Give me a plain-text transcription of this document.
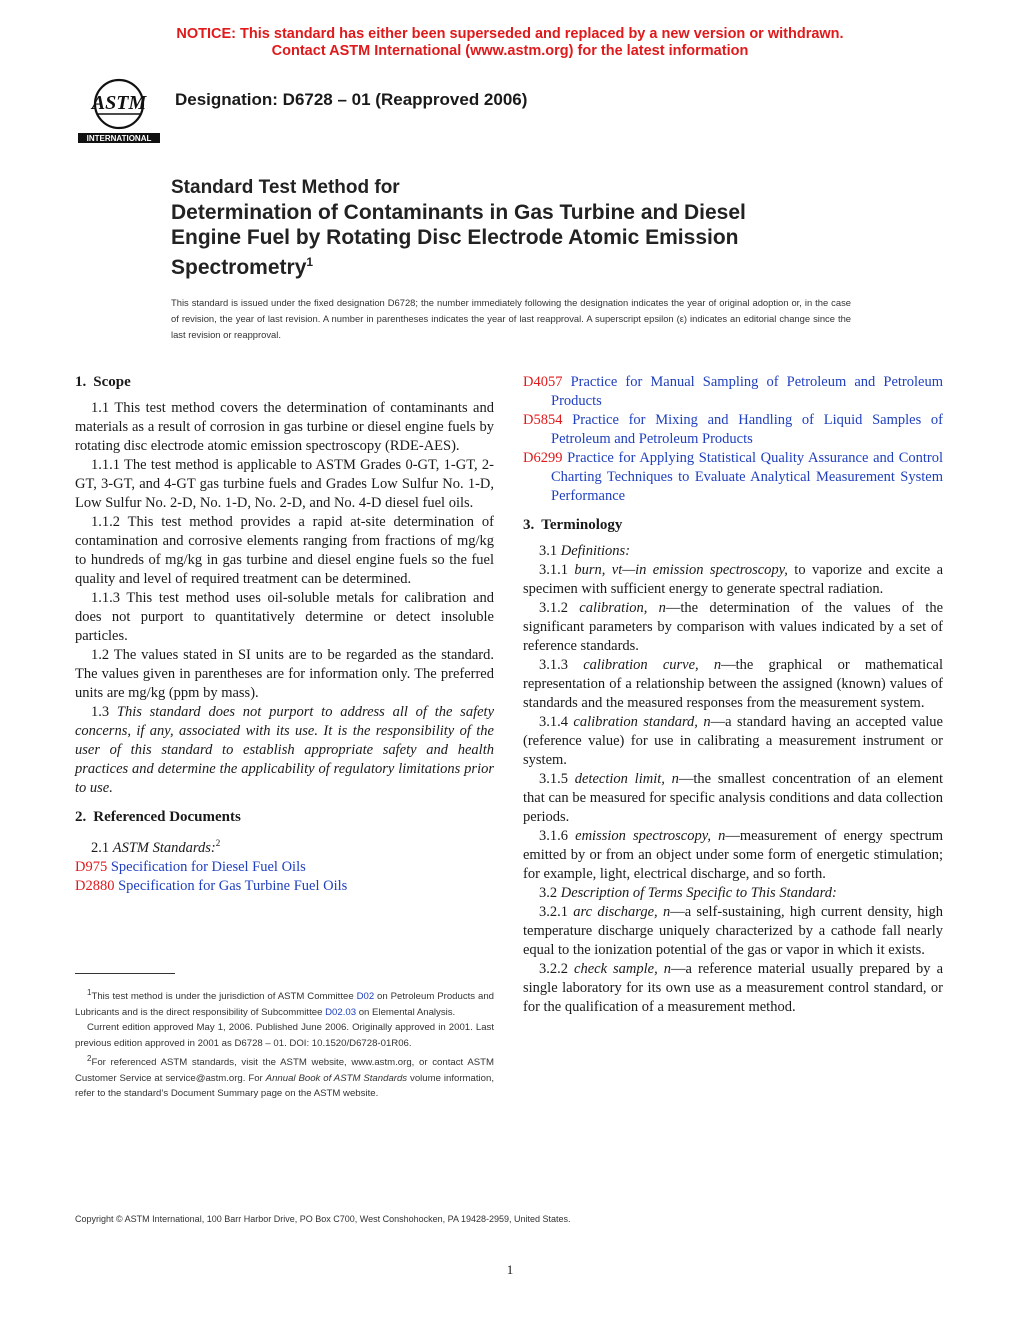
NOTICE: This standard has either been superseded and replaced by a new version or withdrawn.
Contact ASTM International (www.astm.org) for the latest information
ASTM
INTERNATIONAL
Designation: D6728 – 01 (Reapproved 2006)
Standard Test Method for
Determination of Contaminants in Gas Turbine and Diesel
Engine Fuel by Rotating Disc Electrode Atomic Emission
Spectrometry$^1$
This standard is issued under the fixed designation D6728; the number immediately following the designation indicates the year of original adoption or, in the case of revision, the year of last revision. A number in parentheses indicates the year of last reapproval. A superscript epsilon (ε) indicates an editorial change since the last revision or reapproval.
1. Scope

1.1 This test method covers the determination of contaminants and materials as a result of corrosion in gas turbine or diesel engine fuels by rotating disc electrode atomic emission spectroscopy (RDE-AES).

1.1.1 The test method is applicable to ASTM Grades 0-GT, 1-GT, 2-GT, 3-GT, and 4-GT gas turbine fuels and Grades Low Sulfur No. 1-D, Low Sulfur No. 2-D, No. 1-D, No. 2-D, and No. 4-D diesel fuel oils.

1.1.2 This test method provides a rapid at-site determination of contamination and corrosive elements ranging from fractions of mg/kg to hundreds of mg/kg in gas turbine and diesel engine fuels so the fuel quality and level of required treatment can be determined.

1.1.3 This test method uses oil-soluble metals for calibration and does not purport to quantitatively determine or detect insoluble particles.

1.2 The values stated in SI units are to be regarded as the standard. The values given in parentheses are for information only. The preferred units are mg/kg (ppm by mass).

1.3 This standard does not purport to address all of the safety concerns, if any, associated with its use. It is the responsibility of the user of this standard to establish appropriate safety and health practices and determine the applicability of regulatory limitations prior to use.

2. Referenced Documents

2.1 ASTM Standards:$^2$

D975 Specification for Diesel Fuel Oils

D2880 Specification for Gas Turbine Fuel Oils

D4057 Practice for Manual Sampling of Petroleum and Petroleum Products

D5854 Practice for Mixing and Handling of Liquid Samples of Petroleum and Petroleum Products

D6299 Practice for Applying Statistical Quality Assurance and Control Charting Techniques to Evaluate Analytical Measurement System Performance

3. Terminology

3.1 Definitions:

3.1.1 burn, vt—in emission spectroscopy, to vaporize and excite a specimen with sufficient energy to generate spectral radiation.

3.1.2 calibration, n—the determination of the values of the significant parameters by comparison with values indicated by a set of reference standards.

3.1.3 calibration curve, n—the graphical or mathematical representation of a relationship between the assigned (known) values of standards and the measured responses from the measurement system.

3.1.4 calibration standard, n—a standard having an accepted value (reference value) for use in calibrating a measurement instrument or system.

3.1.5 detection limit, n—the smallest concentration of an element that can be measured for specific analysis conditions and data collection periods.

3.1.6 emission spectroscopy, n—measurement of energy spectrum emitted by or from an object under some form of energetic stimulation; for example, light, electrical discharge, and so forth.

3.2 Description of Terms Specific to This Standard:

3.2.1 arc discharge, n—a self-sustaining, high current density, high temperature discharge uniquely characterized by a cathode fall nearly equal to the ionization potential of the gas or vapor in which it exists.

3.2.2 check sample, n—a reference material usually prepared by a single laboratory for its own use as a measurement control standard, or for the qualification of a measurement method.

$^1$This test method is under the jurisdiction of ASTM Committee D02 on Petroleum Products and Lubricants and is the direct responsibility of Subcommittee D02.03 on Elemental Analysis.

Current edition approved May 1, 2006. Published June 2006. Originally approved in 2001. Last previous edition approved in 2001 as D6728 – 01. DOI: 10.1520/D6728-01R06.

$^2$For referenced ASTM standards, visit the ASTM website, www.astm.org, or contact ASTM Customer Service at service@astm.org. For Annual Book of ASTM Standards volume information, refer to the standard’s Document Summary page on the ASTM website.

Copyright © ASTM International, 100 Barr Harbor Drive, PO Box C700, West Conshohocken, PA 19428-2959, United States.
1
